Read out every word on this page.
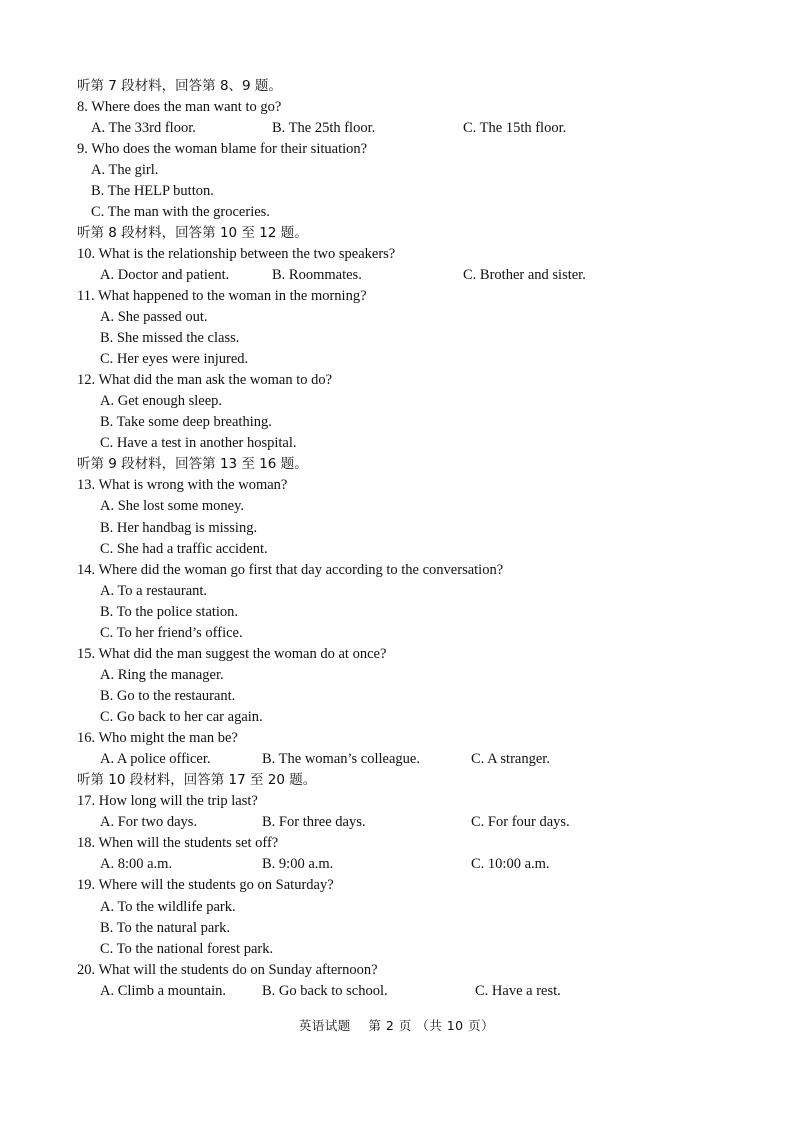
听第 7 段材料，回答第 8、9 题。
8. Where does the man want to go?
A. The 33rd floor.	B. The 25th floor.	C. The 15th floor.
9. Who does the woman blame for their situation?
A. The girl.
B. The HELP button.
C. The man with the groceries.
听第 8 段材料，回答第 10 至 12 题。
10. What is the relationship between the two speakers?
A. Doctor and patient.	B. Roommates.	C. Brother and sister.
11. What happened to the woman in the morning?
A. She passed out.
B. She missed the class.
C. Her eyes were injured.
12. What did the man ask the woman to do?
A. Get enough sleep.
B. Take some deep breathing.
C. Have a test in another hospital.
听第 9 段材料，回答第 13 至 16 题。
13. What is wrong with the woman?
A. She lost some money.
B. Her handbag is missing.
C. She had a traffic accident.
14. Where did the woman go first that day according to the conversation?
A. To a restaurant.
B. To the police station.
C. To her friend’s office.
15. What did the man suggest the woman do at once?
A. Ring the manager.
B. Go to the restaurant.
C. Go back to her car again.
16. Who might the man be?
A. A police officer.	B. The woman’s colleague.	C. A stranger.
听第 10 段材料，回答第 17 至 20 题。
17. How long will the trip last?
A. For two days.	B. For three days.	C. For four days.
18. When will the students set off?
A. 8:00 a.m.	B. 9:00 a.m.	C. 10:00 a.m.
19. Where will the students go on Saturday?
A. To the wildlife park.
B. To the natural park.
C. To the national forest park.
20. What will the students do on Sunday afternoon?
A. Climb a mountain. B. Go back to school.	C. Have a rest.
英语试题　 第 2 页 （共 10 页）
